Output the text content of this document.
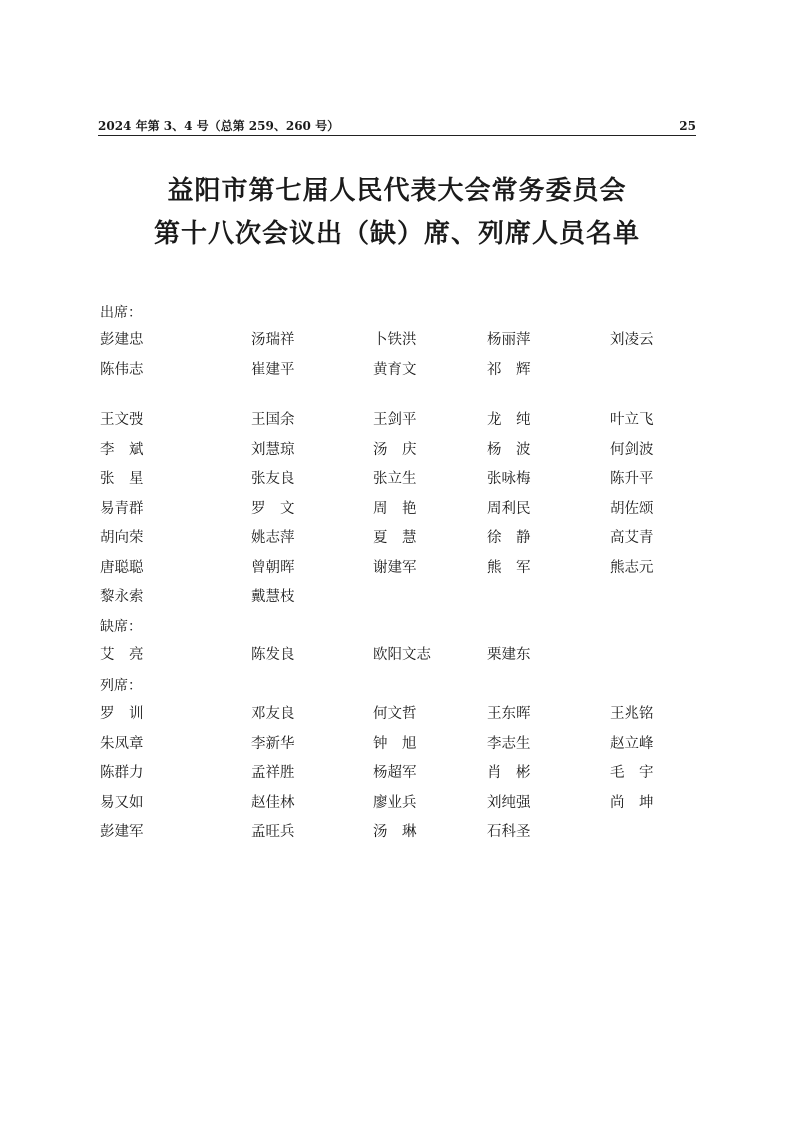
2024 年第 3、4 号（总第 259、260 号）	25
益阳市第七届人民代表大会常务委员会
第十八次会议出（缺）席、列席人员名单
出席：
彭建忠	汤瑞祥	卜铁洪	杨丽萍	刘凌云
陈伟志	崔建平	黄育文	祁　辉
王文弢	王国余	王剑平	龙　纯	叶立飞
李　斌	刘慧琼	汤　庆	杨　波	何剑波
张　星	张友良	张立生	张咏梅	陈升平
易青群	罗　文	周　艳	周利民	胡佐颂
胡向荣	姚志萍	夏　慧	徐　静	高艾青
唐聪聪	曾朝晖	谢建军	熊　军	熊志元
黎永索	戴慧枝
缺席：
艾　亮	陈发良	欧阳文志	栗建东
列席：
罗　训	邓友良	何文哲	王东晖	王兆铭
朱凤章	李新华	钟　旭	李志生	赵立峰
陈群力	孟祥胜	杨超军	肖　彬	毛　宇
易又如	赵佳林	廖业兵	刘纯强	尚　坤
彭建军	孟旺兵	汤　琳	石科圣
